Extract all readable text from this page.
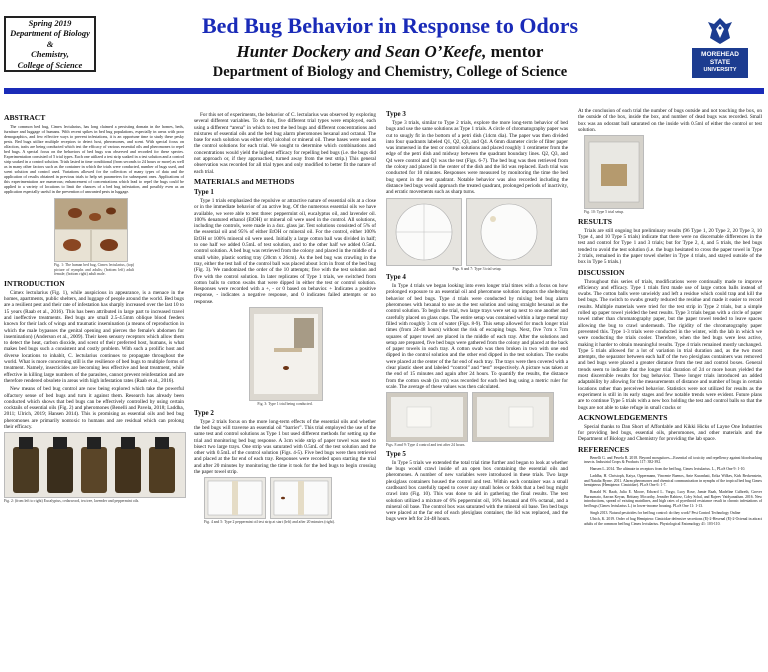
Spring 2019
Department of Biology &
Chemistry,
College of Science
Bed Bug Behavior in Response to Odors
Hunter Dockery and Sean O’Keefe, mentor
Department of Biology and Chemistry, College of Science
MOREHEAD STATE
UNIVERSITY
ABSTRACT

The common bed bug, Cimex lectularius, has long claimed a persisting domain in the homes, beds, furniture and luggage of humans. With recent spikes in bed bug populations, especially in areas with poor demographics, and few effective ways to prevent infestations, it is an opportune time to study these pesky pests. Bed bugs utilize multiple receptors to detect host, pheromones, and scent. With special focus on olfaction, traits are being conducted which test the efficacy of various essential oils and pheromones to repel bed bugs. A special focus on the behaviors of bed bugs was observed and recorded for these species. Experimentation consisted of 5 trial types. Each one utilized a test strip soaked in a test solution and a control strip soaked in a control solution. Trials lasted in time conditional (from seconds to 24 hours or more) as well as in many other factors such as the container in which the trials were conducted, number of bugs used, and scent solution and control used. Variations allowed for the collection of many types of data and the application of results obtained in previous trials to help set parameters for subsequent ones. Applications of this experimentation are numerous; enhancement of concentrations which lead to repel the bugs could be applied to a variety of locations to limit the chances of a bed bug infestation, and possibly even as an application especially useful in the prevention of unwanted pests in luggage.

Fig. 1: The human bed bug, Cimex lectularius, (top) picture of nymphs and adults; (bottom left) adult female; (bottom right) adult male.
INTRODUCTION

Cimex lectularius (Fig. 1), while auspicious in appearance, is a menace in the homes, apartments, public shelters, and luggage of people around the world. Bed bugs are a resilient pest and their rate of infestation has sharply increased over the last 10 to 15 years (Raab et al., 2016). This has been attributed in large part to increased travel and ineffective treatments. Bed bugs are small 2.5-4.5mm oblique blood feeders known for their lack of wings and traumatic insemination (a means of reproduction in which the male bypasses the genital opening and pierces the female's abdomen for insemination) (Anderson et al., 2009). Their keen sensory receptors which allow them to detect the heat, carbon dioxide, and scent of their preferred host, humans, is what makes bed bugs such a consistent and costly problem. With such a prolific host and diverse locations to inhabit, C. lectularius continues to propagate throughout the world. What is more concerning still is the resilience of bed bugs to multiple forms of treatment. Namely, insecticides are becoming less effective and heat treatment, while effective in killing large numbers of the parasites, cannot prevent reinfestation and are therefore rendered obsolete in areas with high infestation rates (Raab et al., 2016).

New means of bed bug control are now being explored which take the powerful olfactory sense of bed bugs and turn it against them. Research has already been conducted which shows that bed bugs can be effectively controlled by using certain cocktails of essential oils (Fig. 2) and pheromones (Benelli and Pavela, 2018; Laddha, 2011; Ulrich, 2019; Hansen 2014). This is promising as essential oils and bed bug pheromones are primarily nontoxic to humans and are residual which can prolong their efficacy.

Fig. 2: (from left to right) Eucalyptus, cedarwood, tea tree, lavender and peppermint oils.

For this set of experiments, the behavior of C. lectularius was observed by exploring several different variables. To do this, five different trial types were employed, each using a different “arena” in which to test the bed bugs and different concentrations and mixtures of essential oils and the bed bug alarm pheromones hexanal and octanal. The base for each solution was either ethyl alcohol or mineral oil. These bases were used as the control solutions for each trial. We sought to determine which combinations and concentrations would yield the highest efficacy for repelling bed bugs (i.e. the bugs did not approach or, if they approached, turned away from the test strip.) This general observation was recorded for all trial types and only modified to better fit the nature of each trial.

MATERIALS and METHODS
Type 1

Type 1 trials emphasized the repulsive or attractive nature of essential oils at a close or in the immediate behavior of an active bug. Of the numerous essential oils we have available, we were able to test three: peppermint oil, eucalyptus oil, and lavender oil. 100% denatured ethanol (EtOH) or mineral oil were used in the control. All solutions, including the controls, were made in a 4oz. glass jar. Test solutions consisted of 5% of the essential oil and 95% of either EtOH or mineral oil. For the control, either 100% EtOH or 100% mineral oil were used. Initially a large cotton ball was divided in half; to one half we added 0.5mL of test solution, and to the other half we added 0.5mL control solution. A bed bug was retrieved from the colony and placed in the middle of a small white, plastic sorting tray (20cm x 26cm). As the bed bug was crawling in the tray, either the test ball of the control ball was placed about 1cm in front of the bed bug (Fig. 3). We randomized the order of the 10 attempts; five with the test solution and five with the control solution. In later replicates of Type 1 trials, we switched from cotton balls to cotton swabs that were dipped in either the test or control solution. Responses were recorded with a +, - or 0 based on behavior. + Indicates a positive response, - indicates a negative response, and 0 indicates failed attempts or no response.

Fig. 3: Type 1 trial being conducted.
Type 2

Type 2 trials focus on the more long-term effects of the essential oils and whether the bed bugs will traverse an essential oil “barrier”. This trial employed the use of the same test and control solutions as Type 1 but used different methods for setting up the trial and monitoring bed bug response. A 3cm wide strip of paper towel was used to bisect two large trays. One strip was saturated with 0.5mL of the test solution and the other with 0.5mL of the control solution (Figs. 4-5). Five bed bugs were then retrieved and placed at the far end of each tray. Responses were recorded upon starting the trial and after 20 minutes by monitoring the time it took for the bed bugs to begin crossing the paper towel strip.

Fig. 4 and 5: Type 2 peppermint oil test strip at start (left) and after 20 minutes (right).
Type 3

Type 3 trials, similar to Type 2 trials, explore the more long-term behavior of bed bugs and use the same solutions as Type 1 trials. A circle of chromatography paper was cut to snugly fit in the bottom of a petri dish (14cm dia). The paper was then divided into four quadrants labeled Q1, Q2, Q3, and Q4. A 6mm diameter circle of filter paper was immersed in the test or control solutions and placed roughly 1 centimeter from the edge of the petri dish and midway between the quadrant boundary lines. Q2, Q3, and Q4 were control and Q1 was the test (Figs. 6-7). The bed bug was then retrieved from the colony and placed in the center of the dish and the lid was replaced. Each trial was conducted for 10 minutes. Responses were measured by monitoring the time the bed bug spent in the test quadrant. Notable behavior was also recorded including the distance bed bugs would approach the treated quadrant, prolonged periods of inactivity, and erratic movements such as sharp turns.

Figs. 6 and 7: Type 3 trial setup.
Type 4

In Type 4 trials we began looking into even longer trial times with a focus on how prolonged exposure to an essential oil and pheromone solution impacts the sheltering behavior of bed bugs. Type 4 trials were conducted by mixing bed bug alarm pheromones with hexanal to use as the test solution and using straight hexanal as the control solution. To begin the trial, two large trays were set up next to one another and carefully placed on glass cups. The entire setup was contained within a large metal tray filled with roughly 3 cm of water (Figs. 8-9). This setup allowed for much longer trial times (from 24-48 hours) without the risk of escaping bugs. Next, five 7cm x 7cm squares of paper towel are placed in the middle of each tray. After the solutions and setup are prepared, five bed bugs were gathered from the colony and placed at the back of paper towels in each tray. A cotton swab was then broken in two with one end dipped in the control solution and the other end dipped in the test solution. The swabs were placed at the center of the far end of each tray. The trays were then covered with a clear plastic sheet and labeled “control” and “test” respectively. A picture was taken at the end of 15 minutes and again after 24 hours. To quantify the results, the distance from the cotton swab (in cm) was recorded for each bed bug using a metric ruler for scale. The average of these values was then calculated.

Figs. 8 and 9: Type 4 control and test after 24 hours.
Type 5

In Type 5 trials we extended the total trial time further and began to look at whether the bugs would crawl inside of an open box containing the essential oils and pheromones. A number of new variables were introduced in these trials. Two large plexiglass containers housed the control and test. Within each container was a small cardboard box carefully taped to cover any small holes or folds that a bed bug might crawl into (Fig. 10). This was done to aid in gathering the final results. The test solution utilized a mixture of 6% peppermint oil, 16% hexanal and 6% octanal, and a mineral oil base. The control box was saturated with the mineral oil base. Ten bed bugs were placed at the far end of each plexiglass container, the lid was replaced, and the bugs were left for 24-48 hours.

At the conclusion of each trial the number of bugs outside and not touching the box, on the outside of the box, inside the box, and number of dead bugs was recorded. Small box was an odorant ball saturated on the inside with 0.5ml of either the control or test solution.

Fig. 10: Type 5 trial setup.
RESULTS

Trials are still ongoing but preliminary results (96 Type 1, 20 Type 2, 20 Type 3, 10 Type 4, and 10 Type 5 trials) indicate that there were no discernable differences in the test and control for Type 1 and 3 trials; but for Type 2, 4, and 5 trials, the bed bugs tended to avoid the test solution (i.e. the bugs hesitated to cross the paper towel in Type 2 trials, remained in the paper towel shelter in Type 4 trials, and stayed outside of the box in Type 5 trials.)

DISCUSSION

Throughout this series of trials, modifications were continually made to improve efficiency and efficacy. Type 1 trials first made use of large cotton balls instead of swabs. The cotton balls were unwieldy and left a residue which could trap and kill the bed bugs. The switch to swabs greatly reduced the residue and made it easier to record results. Multiple materials were tried for the test strip in Type 2 trials, but a simple rolled up paper towel yielded the best results. Type 3 trials began with a circle of paper towel rather than chromatography paper, but the paper towel tended to leave spaces allowing the bug to crawl underneath. The rigidity of the chromatography paper prevented this. Type 1-3 trials were conducted in the winter, with the lab in which we were conducting the trials cooler. Therefore, when the bed bugs were less active, making it harder to obtain meaningful results. Type 4 trials remained mostly unchanged. Type 5 trials allowed for a lot of variation in trial duration and, as the two most attempts, the separator between each half of the two plexiglass containers was removed and bed bugs were placed a greater distance from the test and control boxes. General trends seem to indicate that the longer trial duration of 24 or more hours yielded the most discernible results for bug behavior. These longer trials introduced an added adaptability by allowing for the measurements of distance and number of bugs in certain locations rather than perceived behavior. Statistics were not utilized for results as the experiment is still in its early stages and few notable trends were evident. Future plans are to continue Type 5 trials with a new box holding the test and control balls so that the bugs are not able to take refuge in small cracks or

ACKNOWLEDGEMENTS

Special thanks to Dan Short of Affordable and Kikki Hicks of Layne One Industries for providing bed bugs, essential oils, pheromones, and other materials and the Department of Biology and Chemistry for providing the lab space.

REFERENCES

Benelli G. and Pavela R. 2018. Beyond mosquitoes—Essential oil toxicity and repellency against bloodsucking insects. Industrial Crops & Products 117: 382-392.

Hansen L. 2014. The ultimate in receptors from the bed bug, Cimex lectularius. L., PLoS One 9: 1-10.

Laddha, H. Christoph, Kaiya, Oppermann, Vincente Buenos, Ante Kuranhati, Erika Wilkes, Kirk Beckenstein, and Natalia Byrne. 2011. Alarm pheromones and chemical communication in nymphs of the tropical bed bug Cimex hemipterus (Hemiptera: Cimicidae). PLoS One 6: 1-7.

Ronald W. Raab, Julia E. Moore, Edward L. Vargo, Lucy Rose, Jamie Raab, Madeline Culbreth, Grover Burzumato, Aarran Keyan, Brittany Mccarthy, Jennifer Rabirez, Coby Schal, and Rajeev Vaidyanathan. 2016. New introductions, spread of existing matrilines, and high rates of pyrethroid resistance result in chronic infestations of bed bugs (Cimex lectularius L.) in lower-income housing. PLoS One 11: 1-13.

Singh 2013. Natural pesticides for bed bug control: do they work? Pest Control Technology Online

Ulrich, K. 2019. Order of bug Hemiptera: Cimicidae defensive secretions (E)-2-Hexenal (E)-2-Octenal in attract adults of the common bed bug Cimex lectularius. Physiological Entomology 41: 103-110.
